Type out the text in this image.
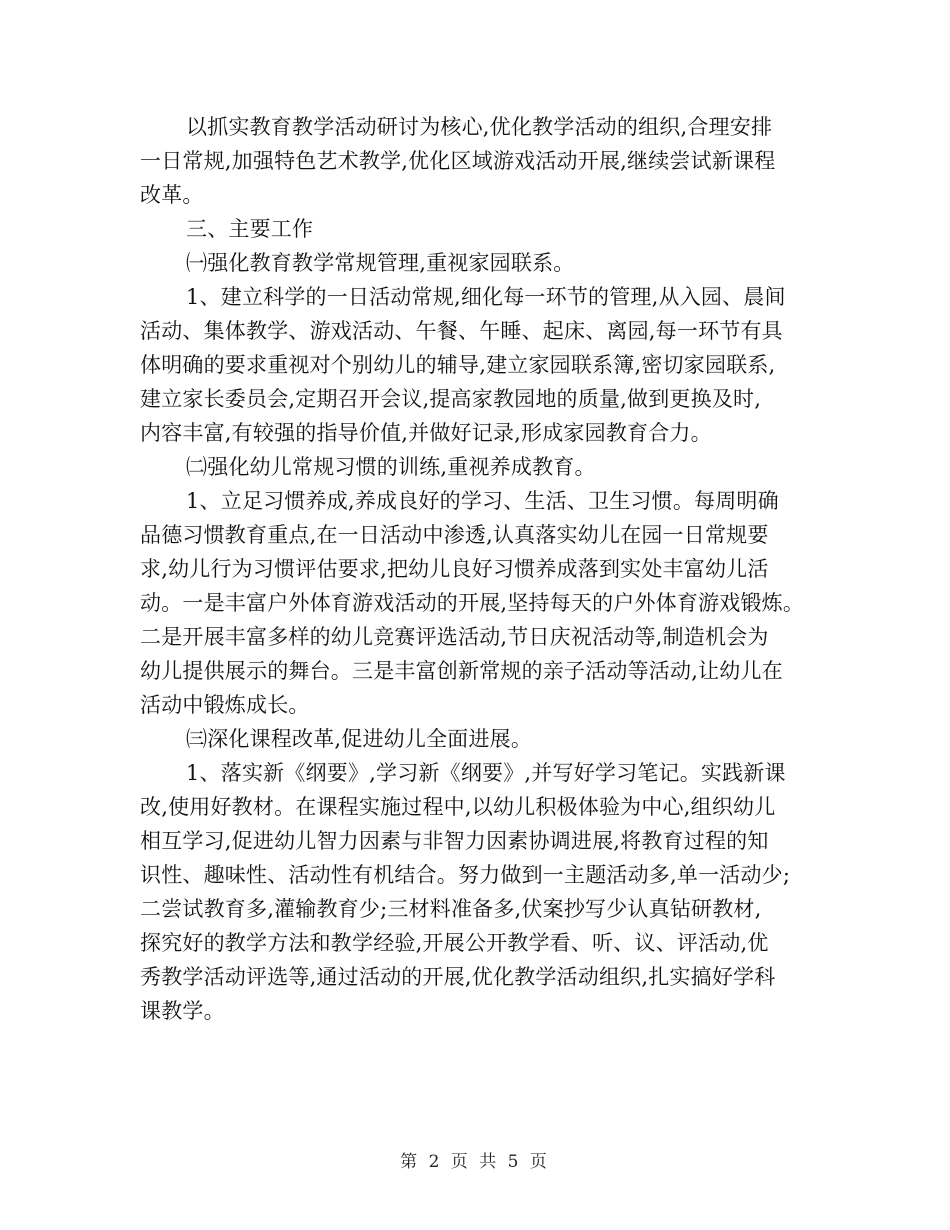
以抓实教育教学活动研讨为核心,优化教学活动的组织,合理安排
一日常规,加强特色艺术教学,优化区域游戏活动开展,继续尝试新课程
改革。
三、主要工作
㈠强化教育教学常规管理,重视家园联系。
1、建立科学的一日活动常规,细化每一环节的管理,从入园、晨间
活动、集体教学、游戏活动、午餐、午睡、起床、离园,每一环节有具
体明确的要求重视对个别幼儿的辅导,建立家园联系簿,密切家园联系,
建立家长委员会,定期召开会议,提高家教园地的质量,做到更换及时,
内容丰富,有较强的指导价值,并做好记录,形成家园教育合力。
㈡强化幼儿常规习惯的训练,重视养成教育。
1、立足习惯养成,养成良好的学习、生活、卫生习惯。每周明确
品德习惯教育重点,在一日活动中渗透,认真落实幼儿在园一日常规要
求,幼儿行为习惯评估要求,把幼儿良好习惯养成落到实处丰富幼儿活
动。一是丰富户外体育游戏活动的开展,坚持每天的户外体育游戏锻炼。
二是开展丰富多样的幼儿竞赛评选活动,节日庆祝活动等,制造机会为
幼儿提供展示的舞台。三是丰富创新常规的亲子活动等活动,让幼儿在
活动中锻炼成长。
㈢深化课程改革,促进幼儿全面进展。
1、落实新《纲要》,学习新《纲要》,并写好学习笔记。实践新课
改,使用好教材。在课程实施过程中,以幼儿积极体验为中心,组织幼儿
相互学习,促进幼儿智力因素与非智力因素协调进展,将教育过程的知
识性、趣味性、活动性有机结合。努力做到一主题活动多,单一活动少;
二尝试教育多,灌输教育少;三材料准备多,伏案抄写少认真钻研教材,
探究好的教学方法和教学经验,开展公开教学看、听、议、评活动,优
秀教学活动评选等,通过活动的开展,优化教学活动组织,扎实搞好学科
课教学。
第 2 页 共 5 页
